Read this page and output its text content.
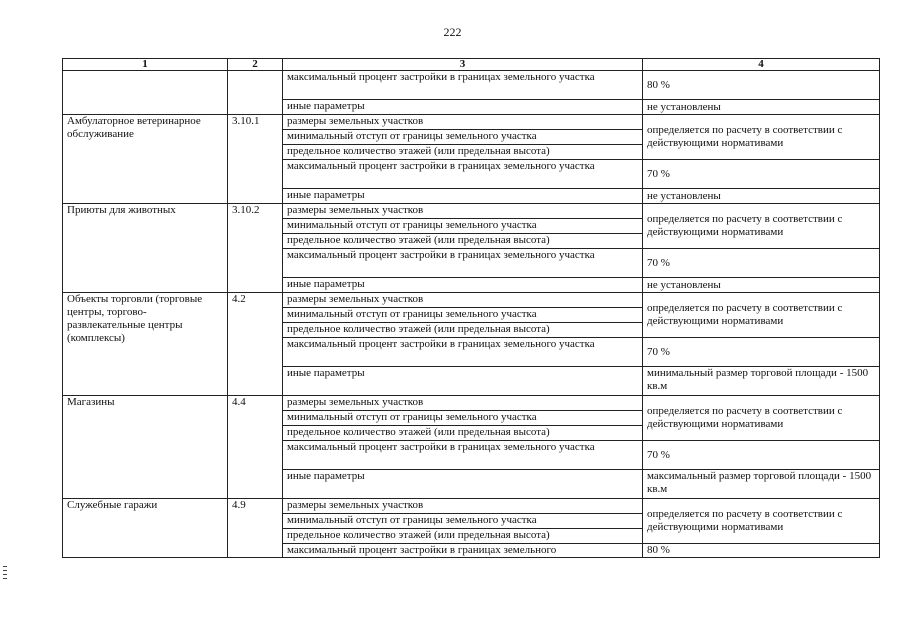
222
1	2	3	4
		максимальный процент застройки в границах земельного участка	80 %
		иные параметры	не установлены
Амбулаторное ветеринарное обслуживание	3.10.1	размеры земельных участков	определяется по расчету в соответствии с действующими нормативами
		минимальный отступ от границы земельного участка	
		предельное количество этажей (или предельная высота)	
		максимальный процент застройки в границах земельного участка	70 %
		иные параметры	не установлены
Приюты для животных	3.10.2	размеры земельных участков	определяется по расчету в соответствии с действующими нормативами
		минимальный отступ от границы земельного участка	
		предельное количество этажей (или предельная высота)	
		максимальный процент застройки в границах земельного участка	70 %
		иные параметры	не установлены
Объекты торговли (торговые центры, торгово-развлекательные центры (комплексы)	4.2	размеры земельных участков	определяется по расчету в соответствии с действующими нормативами
		минимальный отступ от границы земельного участка	
		предельное количество этажей (или предельная высота)	
		максимальный процент застройки в границах земельного участка	70 %
		иные параметры	минимальный размер торговой площади - 1500 кв.м
Магазины	4.4	размеры земельных участков	определяется по расчету в соответствии с действующими нормативами
		минимальный отступ от границы земельного участка	
		предельное количество этажей (или предельная высота)	
		максимальный процент застройки в границах земельного участка	70 %
		иные параметры	максимальный размер торговой площади - 1500 кв.м
Служебные гаражи	4.9	размеры земельных участков	определяется по расчету в соответствии с действующими нормативами
		минимальный отступ от границы земельного участка	
		предельное количество этажей (или предельная высота)	
		максимальный процент застройки в границах земельного	80 %
